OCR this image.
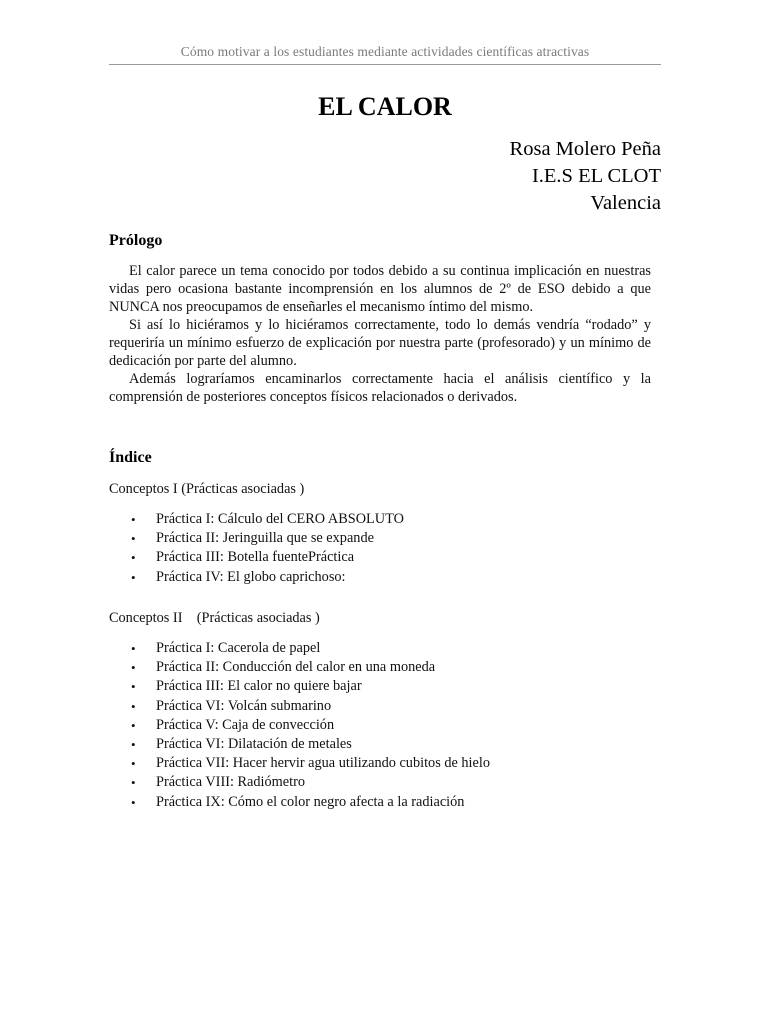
Cómo motivar a los estudiantes mediante actividades científicas atractivas
EL CALOR
Rosa Molero Peña
I.E.S EL CLOT
Valencia
Prólogo

El calor parece un tema conocido por todos debido a su continua implicación en nuestras vidas pero ocasiona bastante incomprensión en los alumnos de 2º de ESO debido a que NUNCA nos preocupamos de enseñarles el mecanismo íntimo del mismo.

Si así lo hiciéramos y lo hiciéramos correctamente, todo lo demás vendría “rodado” y requeriría un mínimo esfuerzo de explicación por nuestra parte (profesorado) y un mínimo de dedicación por parte del alumno.

Además lograríamos encaminarlos correctamente hacia el análisis científico y la comprensión de posteriores conceptos físicos relacionados o derivados.

Índice
Conceptos I (Prácticas asociadas )
• Práctica I: Cálculo del CERO ABSOLUTO
• Práctica II: Jeringuilla que se expande
• Práctica III: Botella fuentePráctica
• Práctica IV: El globo caprichoso:
Conceptos II    (Prácticas asociadas )
• Práctica I: Cacerola de papel
• Práctica II: Conducción del calor en una moneda
• Práctica III: El calor no quiere bajar
• Práctica VI: Volcán submarino
• Práctica V: Caja de convección
• Práctica VI: Dilatación de metales
• Práctica VII: Hacer hervir agua utilizando cubitos de hielo
• Práctica VIII: Radiómetro
• Práctica IX: Cómo el color negro afecta a la radiación
